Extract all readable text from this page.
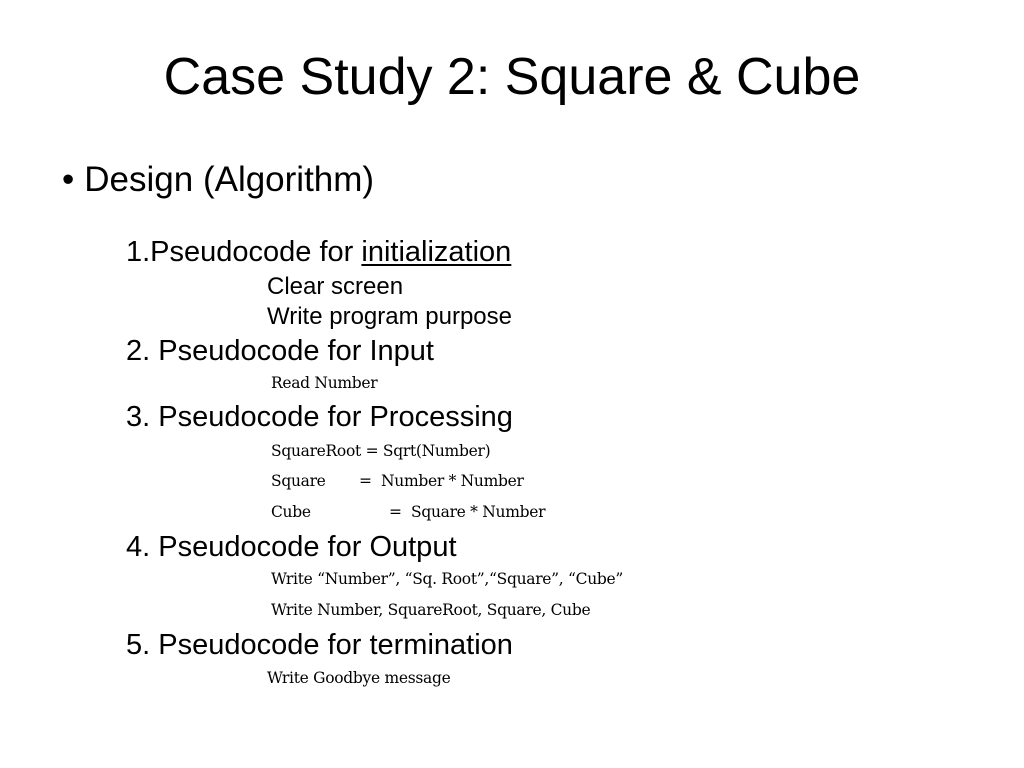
Case Study 2: Square & Cube
• Design (Algorithm)
1.Pseudocode for initialization
Clear screen
Write program purpose
2. Pseudocode for Input
Read Number
3. Pseudocode for Processing
SquareRoot = Sqrt(Number)
Square = Number * Number
Cube	= Square * Number
4. Pseudocode for Output
Write “Number”, “Sq. Root”,“Square”, “Cube”
Write Number, SquareRoot, Square, Cube
5. Pseudocode for termination
Write Goodbye message
